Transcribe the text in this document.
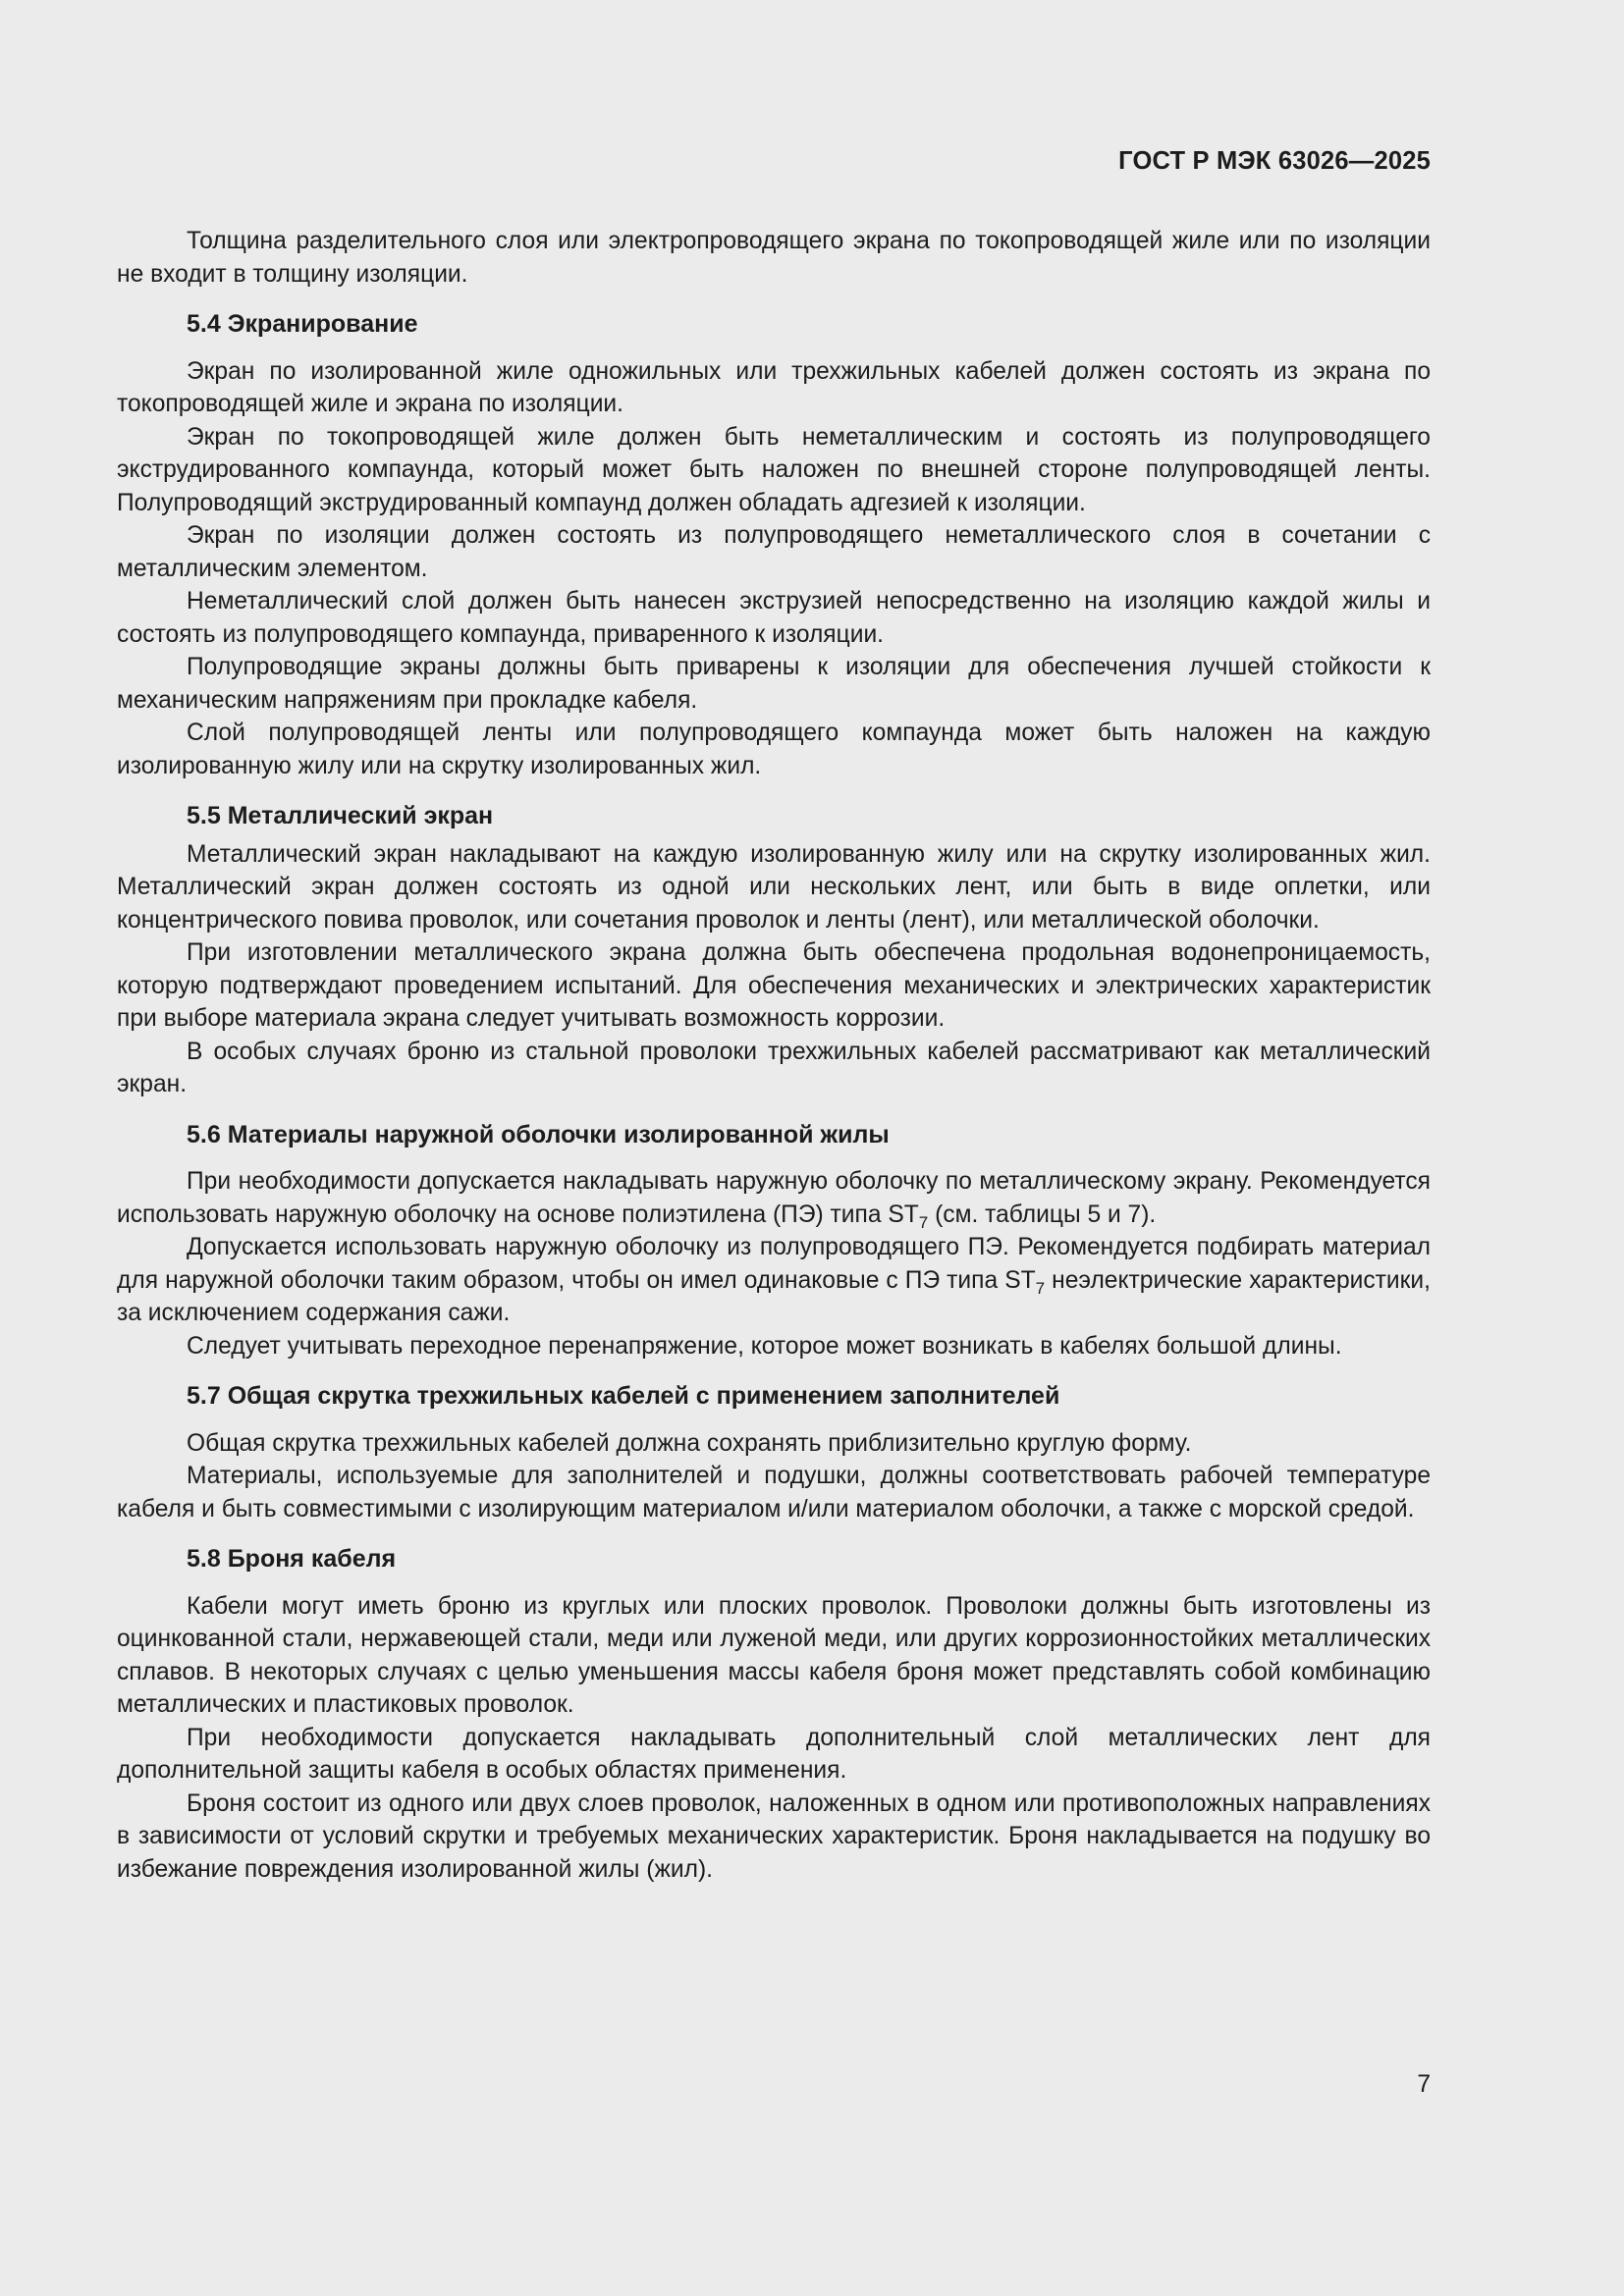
ГОСТ Р МЭК 63026—2025

Толщина разделительного слоя или электропроводящего экрана по токопроводящей жиле или по изоляции не входит в толщину изоляции.

5.4 Экранирование

Экран по изолированной жиле одножильных или трехжильных кабелей должен состоять из экрана по токопроводящей жиле и экрана по изоляции.

Экран по токопроводящей жиле должен быть неметаллическим и состоять из полупроводящего экструдированного компаунда, который может быть наложен по внешней стороне полупроводящей ленты. Полупроводящий экструдированный компаунд должен обладать адгезией к изоляции.

Экран по изоляции должен состоять из полупроводящего неметаллического слоя в сочетании с металлическим элементом.

Неметаллический слой должен быть нанесен экструзией непосредственно на изоляцию каждой жилы и состоять из полупроводящего компаунда, приваренного к изоляции.

Полупроводящие экраны должны быть приварены к изоляции для обеспечения лучшей стойкости к механическим напряжениям при прокладке кабеля.

Слой полупроводящей ленты или полупроводящего компаунда может быть наложен на каждую изолированную жилу или на скрутку изолированных жил.

5.5 Металлический экран

Металлический экран накладывают на каждую изолированную жилу или на скрутку изолированных жил. Металлический экран должен состоять из одной или нескольких лент, или быть в виде оплетки, или концентрического повива проволок, или сочетания проволок и ленты (лент), или металлической оболочки.

При изготовлении металлического экрана должна быть обеспечена продольная водонепроницаемость, которую подтверждают проведением испытаний. Для обеспечения механических и электрических характеристик при выборе материала экрана следует учитывать возможность коррозии.

В особых случаях броню из стальной проволоки трехжильных кабелей рассматривают как металлический экран.

5.6 Материалы наружной оболочки изолированной жилы

При необходимости допускается накладывать наружную оболочку по металлическому экрану. Рекомендуется использовать наружную оболочку на основе полиэтилена (ПЭ) типа $ST_7$ (см. таблицы 5 и 7).

Допускается использовать наружную оболочку из полупроводящего ПЭ. Рекомендуется подбирать материал для наружной оболочки таким образом, чтобы он имел одинаковые с ПЭ типа $ST_7$ неэлектрические характеристики, за исключением содержания сажи.

Следует учитывать переходное перенапряжение, которое может возникать в кабелях большой длины.

5.7 Общая скрутка трехжильных кабелей с применением заполнителей

Общая скрутка трехжильных кабелей должна сохранять приблизительно круглую форму.

Материалы, используемые для заполнителей и подушки, должны соответствовать рабочей температуре кабеля и быть совместимыми с изолирующим материалом и/или материалом оболочки, а также с морской средой.

5.8 Броня кабеля

Кабели могут иметь броню из круглых или плоских проволок. Проволоки должны быть изготовлены из оцинкованной стали, нержавеющей стали, меди или луженой меди, или других коррозионностойких металлических сплавов. В некоторых случаях с целью уменьшения массы кабеля броня может представлять собой комбинацию металлических и пластиковых проволок.

При необходимости допускается накладывать дополнительный слой металлических лент для дополнительной защиты кабеля в особых областях применения.

Броня состоит из одного или двух слоев проволок, наложенных в одном или противоположных направлениях в зависимости от условий скрутки и требуемых механических характеристик. Броня накладывается на подушку во избежание повреждения изолированной жилы (жил).

7
